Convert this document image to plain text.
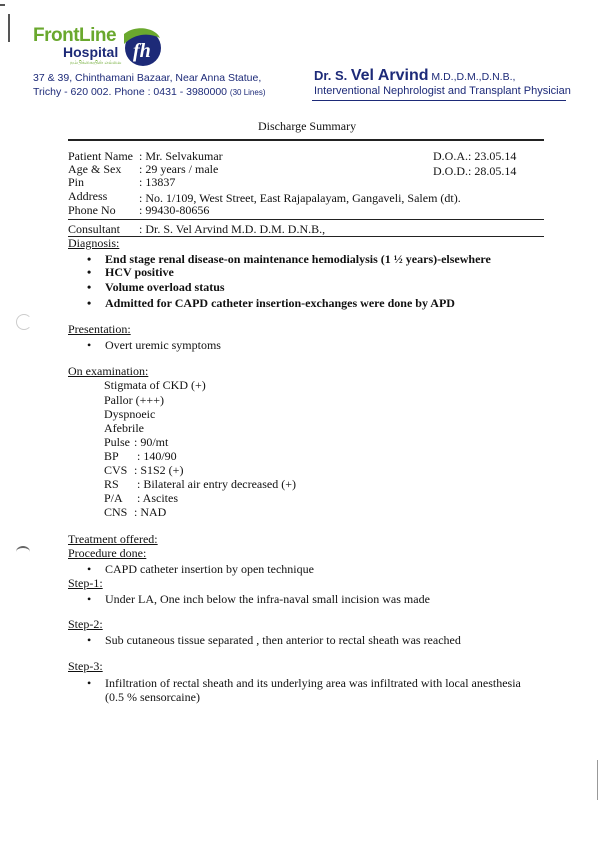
FrontLine
Hospital
நம்பிக்கையின் எல்லை
fh
37 & 39, Chinthamani Bazaar, Near Anna Statue,
Trichy - 620 002. Phone : 0431 - 3980000 (30 Lines)
Dr. S. Vel Arvind M.D.,D.M.,D.N.B.,
Interventional Nephrologist and Transplant Physician
Discharge Summary
Patient Name : Mr. Selvakumar
Age & Sex : 29 years / male
Pin	: 13837
Address	: No. 1/109, West Street, East Rajapalayam, Gangaveli, Salem (dt).
Phone No : 99430-80656
D.O.A.: 23.05.14
D.O.D.: 28.05.14
Consultant : Dr. S. Vel Arvind M.D. D.M. D.N.B.,
Diagnosis:
• End stage renal disease-on maintenance hemodialysis (1 ½ years)-elsewhere
• HCV positive
• Volume overload status
• Admitted for CAPD catheter insertion-exchanges were done by APD
Presentation:
• Overt uremic symptoms
On examination:
Stigmata of CKD (+)
Pallor (+++)
Dyspnoeic
Afebrile
Pulse : 90/mt
BP : 140/90
CVS : S1S2 (+)
RS : Bilateral air entry decreased (+)
P/A : Ascites
CNS : NAD
Treatment offered:
Procedure done:
• CAPD catheter insertion by open technique
Step-1:
• Under LA, One inch below the infra-naval small incision was made
Step-2:
• Sub cutaneous tissue separated , then anterior to rectal sheath was reached
Step-3:
• Infiltration of rectal sheath and its underlying area was infiltrated with local anesthesia
(0.5 % sensorcaine)
